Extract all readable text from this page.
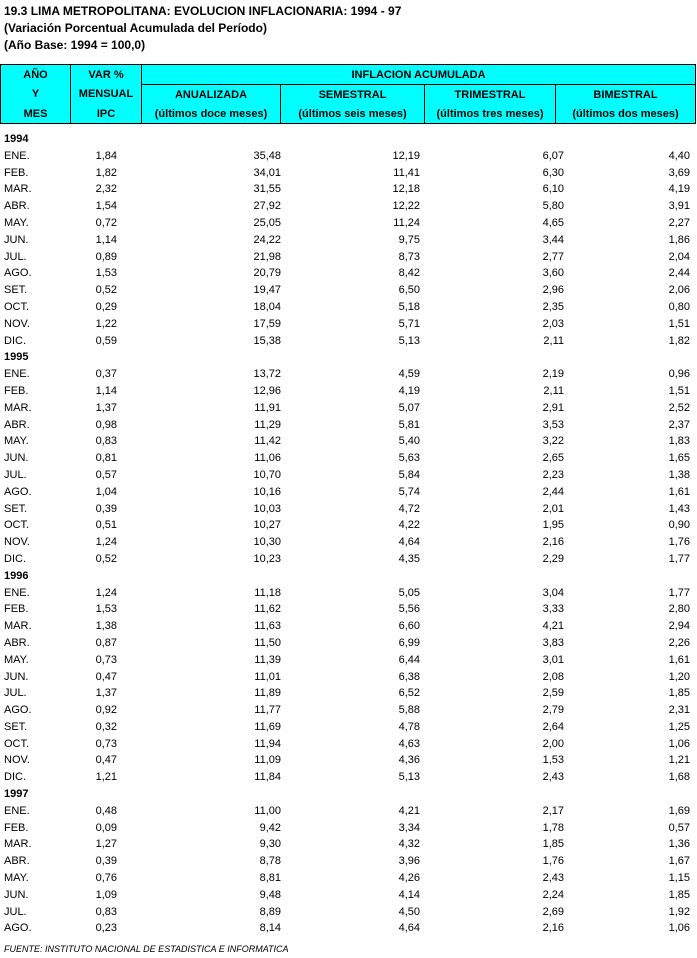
19.3 LIMA METROPOLITANA: EVOLUCION INFLACIONARIA: 1994 - 97
(Variación Porcentual Acumulada del Período)
(Año Base: 1994 = 100,0)
AÑO	VAR %	INFLACION ACUMULADA			
Y	MENSUAL	ANUALIZADA	SEMESTRAL	TRIMESTRAL	BIMESTRAL
MES	IPC	(últimos doce meses)	(últimos seis meses)	(últimos tres meses)	(últimos dos meses)
1994
ENE.	1,84	35,48	12,19	6,07	4,40
FEB.	1,82	34,01	11,41	6,30	3,69
MAR.	2,32	31,55	12,18	6,10	4,19
ABR.	1,54	27,92	12,22	5,80	3,91
MAY.	0,72	25,05	11,24	4,65	2,27
JUN.	1,14	24,22	9,75	3,44	1,86
JUL.	0,89	21,98	8,73	2,77	2,04
AGO.	1,53	20,79	8,42	3,60	2,44
SET.	0,52	19,47	6,50	2,96	2,06
OCT.	0,29	18,04	5,18	2,35	0,80
NOV.	1,22	17,59	5,71	2,03	1,51
DIC.	0,59	15,38	5,13	2,11	1,82
1995
ENE.	0,37	13,72	4,59	2,19	0,96
FEB.	1,14	12,96	4,19	2,11	1,51
MAR.	1,37	11,91	5,07	2,91	2,52
ABR.	0,98	11,29	5,81	3,53	2,37
MAY.	0,83	11,42	5,40	3,22	1,83
JUN.	0,81	11,06	5,63	2,65	1,65
JUL.	0,57	10,70	5,84	2,23	1,38
AGO.	1,04	10,16	5,74	2,44	1,61
SET.	0,39	10,03	4,72	2,01	1,43
OCT.	0,51	10,27	4,22	1,95	0,90
NOV.	1,24	10,30	4,64	2,16	1,76
DIC.	0,52	10,23	4,35	2,29	1,77
1996
ENE.	1,24	11,18	5,05	3,04	1,77
FEB.	1,53	11,62	5,56	3,33	2,80
MAR.	1,38	11,63	6,60	4,21	2,94
ABR.	0,87	11,50	6,99	3,83	2,26
MAY.	0,73	11,39	6,44	3,01	1,61
JUN.	0,47	11,01	6,38	2,08	1,20
JUL.	1,37	11,89	6,52	2,59	1,85
AGO.	0,92	11,77	5,88	2,79	2,31
SET.	0,32	11,69	4,78	2,64	1,25
OCT.	0,73	11,94	4,63	2,00	1,06
NOV.	0,47	11,09	4,36	1,53	1,21
DIC.	1,21	11,84	5,13	2,43	1,68
1997
ENE.	0,48	11,00	4,21	2,17	1,69
FEB.	0,09	9,42	3,34	1,78	0,57
MAR.	1,27	9,30	4,32	1,85	1,36
ABR.	0,39	8,78	3,96	1,76	1,67
MAY.	0,76	8,81	4,26	2,43	1,15
JUN.	1,09	9,48	4,14	2,24	1,85
JUL.	0,83	8,89	4,50	2,69	1,92
AGO.	0,23	8,14	4,64	2,16	1,06
FUENTE: INSTITUTO NACIONAL DE ESTADISTICA E INFORMATICA
